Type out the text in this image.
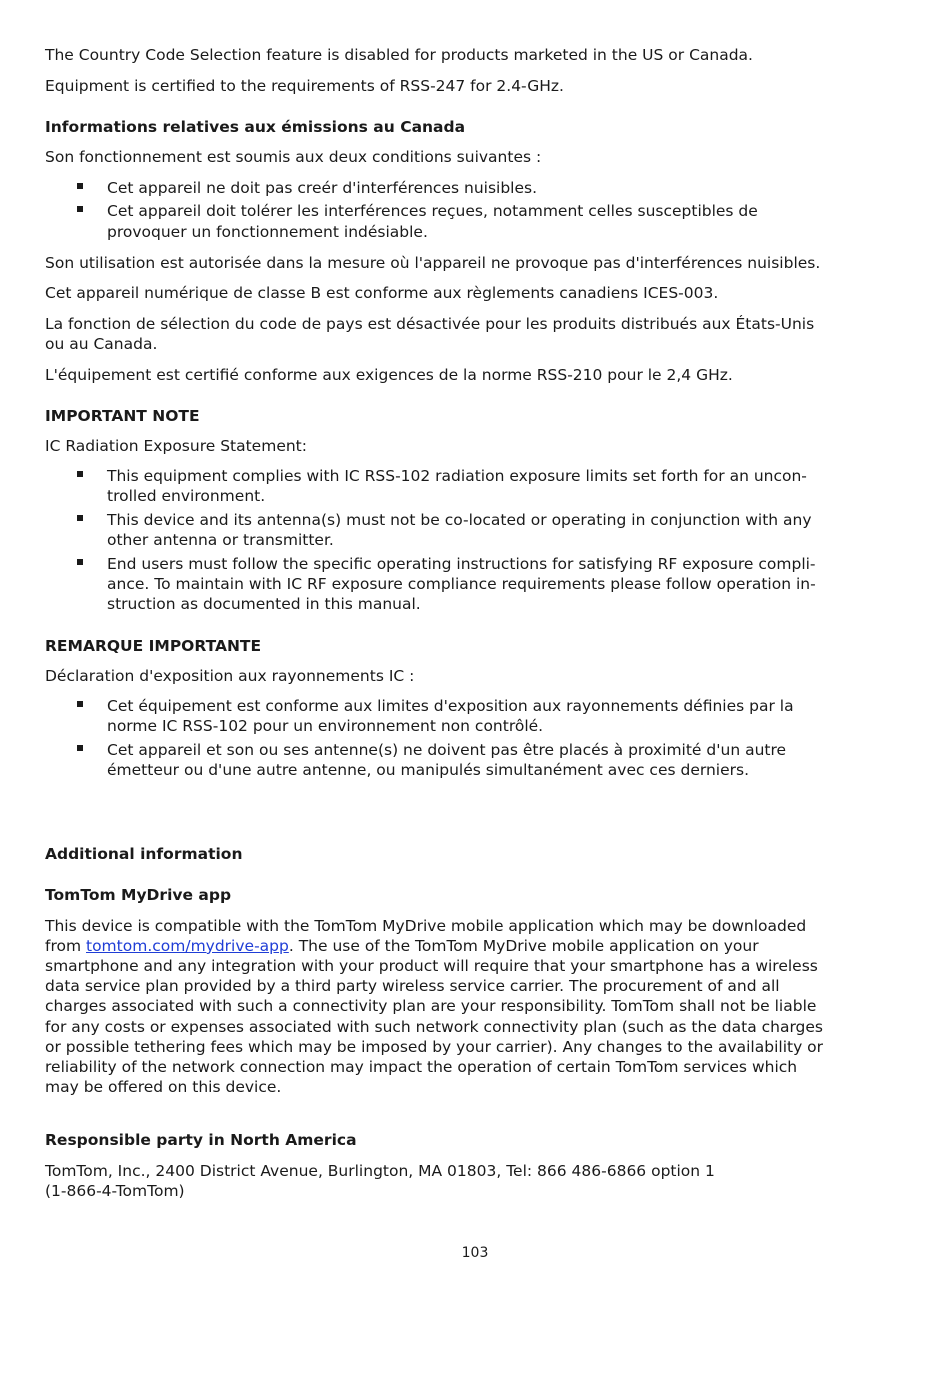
The Country Code Selection feature is disabled for products marketed in the US or Canada.
Equipment is certified to the requirements of RSS-247 for 2.4-GHz.
Informations relatives aux émissions au Canada
Son fonctionnement est soumis aux deux conditions suivantes :
Cet appareil ne doit pas creér d'interférences nuisibles.
Cet appareil doit tolérer les interférences reçues, notamment celles susceptibles de
provoquer un fonctionnement indésiable.
Son utilisation est autorisée dans la mesure où l'appareil ne provoque pas d'interférences nuisibles.
Cet appareil numérique de classe B est conforme aux règlements canadiens ICES-003.
La fonction de sélection du code de pays est désactivée pour les produits distribués aux États-Unis
ou au Canada.
L'équipement est certifié conforme aux exigences de la norme RSS-210 pour le 2,4 GHz.
IMPORTANT NOTE
IC Radiation Exposure Statement:
This equipment complies with IC RSS-102 radiation exposure limits set forth for an uncon-
trolled environment.
This device and its antenna(s) must not be co-located or operating in conjunction with any
other antenna or transmitter.
End users must follow the specific operating instructions for satisfying RF exposure compli-
ance. To maintain with IC RF exposure compliance requirements please follow operation in-
struction as documented in this manual.
REMARQUE IMPORTANTE
Déclaration d'exposition aux rayonnements IC :
Cet équipement est conforme aux limites d'exposition aux rayonnements définies par la
norme IC RSS-102 pour un environnement non contrôlé.
Cet appareil et son ou ses antenne(s) ne doivent pas être placés à proximité d'un autre
émetteur ou d'une autre antenne, ou manipulés simultanément avec ces derniers.
Additional information
TomTom MyDrive app
This device is compatible with the TomTom MyDrive mobile application which may be downloaded
from tomtom.com/mydrive-app. The use of the TomTom MyDrive mobile application on your
smartphone and any integration with your product will require that your smartphone has a wireless
data service plan provided by a third party wireless service carrier. The procurement of and all
charges associated with such a connectivity plan are your responsibility. TomTom shall not be liable
for any costs or expenses associated with such network connectivity plan (such as the data charges
or possible tethering fees which may be imposed by your carrier). Any changes to the availability or
reliability of the network connection may impact the operation of certain TomTom services which
may be offered on this device.
Responsible party in North America
TomTom, Inc., 2400 District Avenue, Burlington, MA 01803, Tel: 866 486-6866 option 1
(1-866-4-TomTom)
103
